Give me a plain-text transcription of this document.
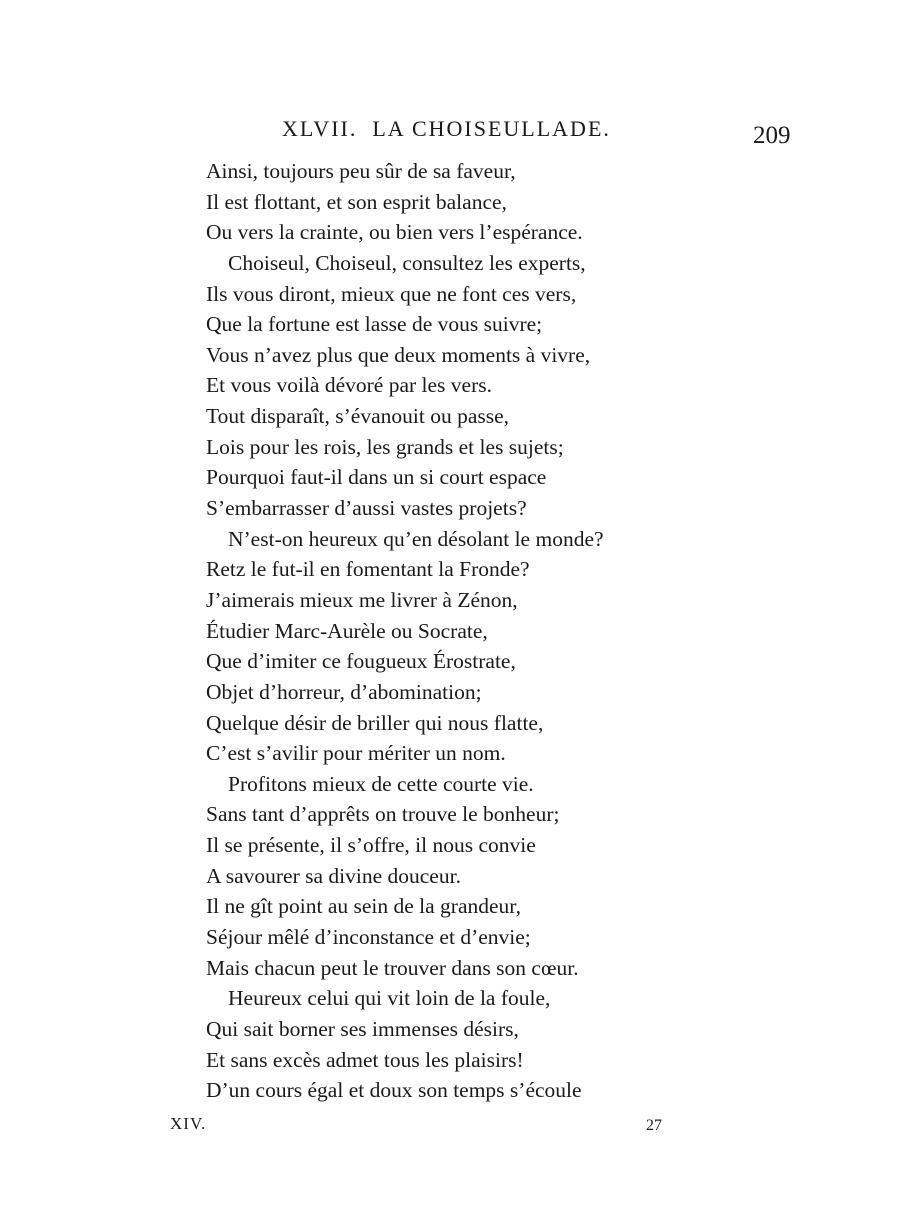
XLVII.  LA CHOISEULLADE.	209
Ainsi, toujours peu sûr de sa faveur,
Il est flottant, et son esprit balance,
Ou vers la crainte, ou bien vers l’espérance.
Choiseul, Choiseul, consultez les experts,
Ils vous diront, mieux que ne font ces vers,
Que la fortune est lasse de vous suivre;
Vous n’avez plus que deux moments à vivre,
Et vous voilà dévoré par les vers.
Tout disparaît, s’évanouit ou passe,
Lois pour les rois, les grands et les sujets;
Pourquoi faut-il dans un si court espace
S’embarrasser d’aussi vastes projets?
N’est-on heureux qu’en désolant le monde?
Retz le fut-il en fomentant la Fronde?
J’aimerais mieux me livrer à Zénon,
Étudier Marc-Aurèle ou Socrate,
Que d’imiter ce fougueux Érostrate,
Objet d’horreur, d’abomination;
Quelque désir de briller qui nous flatte,
C’est s’avilir pour mériter un nom.
Profitons mieux de cette courte vie.
Sans tant d’apprêts on trouve le bonheur;
Il se présente, il s’offre, il nous convie
A savourer sa divine douceur.
Il ne gît point au sein de la grandeur,
Séjour mêlé d’inconstance et d’envie;
Mais chacun peut le trouver dans son cœur.
Heureux celui qui vit loin de la foule,
Qui sait borner ses immenses désirs,
Et sans excès admet tous les plaisirs!
D’un cours égal et doux son temps s’écoule
XIV.	27
